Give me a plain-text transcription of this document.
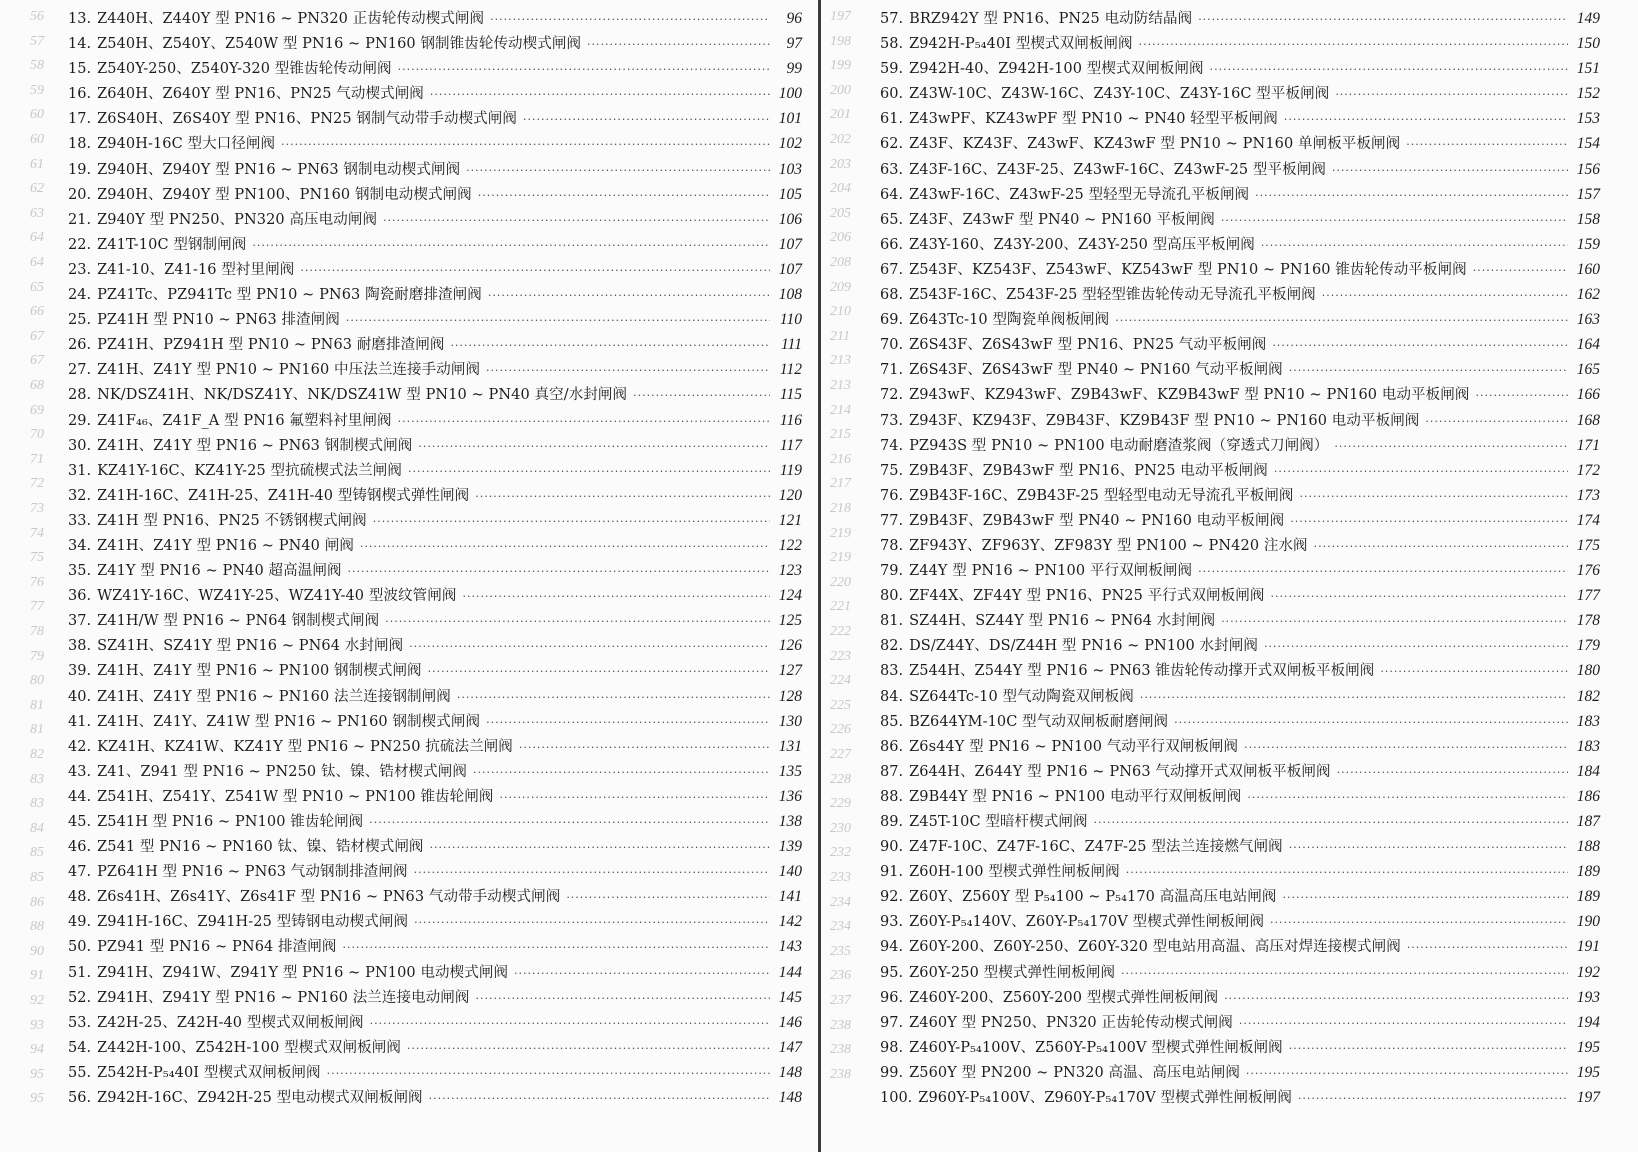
13. Z440H、Z440Y 型 PN16 ~ PN320 正齿轮传动楔式闸阀 ·····	96
14. Z540H、Z540Y、Z540W 型 PN16 ~ PN160 钢制锥齿轮传动楔式闸阀 ·····	97
15. Z540Y-250、Z540Y-320 型锥齿轮传动闸阀 ·····	99
16. Z640H、Z640Y 型 PN16、PN25 气动楔式闸阀 ·····	100
17. Z6S40H、Z6S40Y 型 PN16、PN25 钢制气动带手动楔式闸阀 ·····	101
18. Z940H-16C 型大口径闸阀 ·····	102
19. Z940H、Z940Y 型 PN16 ~ PN63 钢制电动楔式闸阀 ·····	103
20. Z940H、Z940Y 型 PN100、PN160 钢制电动楔式闸阀 ·····	105
21. Z940Y 型 PN250、PN320 高压电动闸阀 ·····	106
22. Z41T-10C 型钢制闸阀 ·····	107
23. Z41-10、Z41-16 型衬里闸阀 ·····	107
24. PZ41Tc、PZ941Tc 型 PN10 ~ PN63 陶瓷耐磨排渣闸阀 ·····	108
25. PZ41H 型 PN10 ~ PN63 排渣闸阀 ·····	110
26. PZ41H、PZ941H 型 PN10 ~ PN63 耐磨排渣闸阀 ·····	111
27. Z41H、Z41Y 型 PN10 ~ PN160 中压法兰连接手动闸阀 ·····	112
28. NK/DSZ41H、NK/DSZ41Y、NK/DSZ41W 型 PN10 ~ PN40 真空/水封闸阀 ·····	115
29. Z41F₄₆、Z41F_A 型 PN16 氟塑料衬里闸阀 ·····	116
30. Z41H、Z41Y 型 PN16 ~ PN63 钢制楔式闸阀 ·····	117
31. KZ41Y-16C、KZ41Y-25 型抗硫楔式法兰闸阀 ·····	119
32. Z41H-16C、Z41H-25、Z41H-40 型铸钢楔式弹性闸阀 ·····	120
33. Z41H 型 PN16、PN25 不锈钢楔式闸阀 ·····	121
34. Z41H、Z41Y 型 PN16 ~ PN40 闸阀 ·····	122
35. Z41Y 型 PN16 ~ PN40 超高温闸阀 ·····	123
36. WZ41Y-16C、WZ41Y-25、WZ41Y-40 型波纹管闸阀 ·····	124
37. Z41H/W 型 PN16 ~ PN64 钢制楔式闸阀 ·····	125
38. SZ41H、SZ41Y 型 PN16 ~ PN64 水封闸阀 ·····	126
39. Z41H、Z41Y 型 PN16 ~ PN100 钢制楔式闸阀 ·····	127
40. Z41H、Z41Y 型 PN16 ~ PN160 法兰连接钢制闸阀 ·····	128
41. Z41H、Z41Y、Z41W 型 PN16 ~ PN160 钢制楔式闸阀 ·····	130
42. KZ41H、KZ41W、KZ41Y 型 PN16 ~ PN250 抗硫法兰闸阀 ·····	131
43. Z41、Z941 型 PN16 ~ PN250 钛、镍、锆材楔式闸阀 ·····	135
44. Z541H、Z541Y、Z541W 型 PN10 ~ PN100 锥齿轮闸阀 ·····	136
45. Z541H 型 PN16 ~ PN100 锥齿轮闸阀 ·····	138
46. Z541 型 PN16 ~ PN160 钛、镍、锆材楔式闸阀 ·····	139
47. PZ641H 型 PN16 ~ PN63 气动钢制排渣闸阀 ·····	140
48. Z6s41H、Z6s41Y、Z6s41F 型 PN16 ~ PN63 气动带手动楔式闸阀 ·····	141
49. Z941H-16C、Z941H-25 型铸钢电动楔式闸阀 ·····	142
50. PZ941 型 PN16 ~ PN64 排渣闸阀 ·····	143
51. Z941H、Z941W、Z941Y 型 PN16 ~ PN100 电动楔式闸阀 ·····	144
52. Z941H、Z941Y 型 PN16 ~ PN160 法兰连接电动闸阀 ·····	145
53. Z42H-25、Z42H-40 型楔式双闸板闸阀 ·····	146
54. Z442H-100、Z542H-100 型楔式双闸板闸阀 ·····	147
55. Z542H-P₅₄40I 型楔式双闸板闸阀 ·····	148
56. Z942H-16C、Z942H-25 型电动楔式双闸板闸阀 ·····	148
57. BRZ942Y 型 PN16、PN25 电动防结晶阀 ·····	149
58. Z942H-P₅₄40I 型楔式双闸板闸阀 ·····	150
59. Z942H-40、Z942H-100 型楔式双闸板闸阀 ·····	151
60. Z43W-10C、Z43W-16C、Z43Y-10C、Z43Y-16C 型平板闸阀 ·····	152
61. Z43wPF、KZ43wPF 型 PN10 ~ PN40 轻型平板闸阀 ·····	153
62. Z43F、KZ43F、Z43wF、KZ43wF 型 PN10 ~ PN160 单闸板平板闸阀 ·····	154
63. Z43F-16C、Z43F-25、Z43wF-16C、Z43wF-25 型平板闸阀 ·····	156
64. Z43wF-16C、Z43wF-25 型轻型无导流孔平板闸阀 ·····	157
65. Z43F、Z43wF 型 PN40 ~ PN160 平板闸阀 ·····	158
66. Z43Y-160、Z43Y-200、Z43Y-250 型高压平板闸阀 ·····	159
67. Z543F、KZ543F、Z543wF、KZ543wF 型 PN10 ~ PN160 锥齿轮传动平板闸阀 ·····	160
68. Z543F-16C、Z543F-25 型轻型锥齿轮传动无导流孔平板闸阀 ·····	162
69. Z643Tc-10 型陶瓷单阀板闸阀 ·····	163
70. Z6S43F、Z6S43wF 型 PN16、PN25 气动平板闸阀 ·····	164
71. Z6S43F、Z6S43wF 型 PN40 ~ PN160 气动平板闸阀 ·····	165
72. Z943wF、KZ943wF、Z9B43wF、KZ9B43wF 型 PN10 ~ PN160 电动平板闸阀 ·····	166
73. Z943F、KZ943F、Z9B43F、KZ9B43F 型 PN10 ~ PN160 电动平板闸阀 ·····	168
74. PZ943S 型 PN10 ~ PN100 电动耐磨渣浆阀（穿透式刀闸阀） ·····	171
75. Z9B43F、Z9B43wF 型 PN16、PN25 电动平板闸阀 ·····	172
76. Z9B43F-16C、Z9B43F-25 型轻型电动无导流孔平板闸阀 ·····	173
77. Z9B43F、Z9B43wF 型 PN40 ~ PN160 电动平板闸阀 ·····	174
78. ZF943Y、ZF963Y、ZF983Y 型 PN100 ~ PN420 注水阀 ·····	175
79. Z44Y 型 PN16 ~ PN100 平行双闸板闸阀 ·····	176
80. ZF44X、ZF44Y 型 PN16、PN25 平行式双闸板闸阀 ·····	177
81. SZ44H、SZ44Y 型 PN16 ~ PN64 水封闸阀 ·····	178
82. DS/Z44Y、DS/Z44H 型 PN16 ~ PN100 水封闸阀 ·····	179
83. Z544H、Z544Y 型 PN16 ~ PN63 锥齿轮传动撑开式双闸板平板闸阀 ·····	180
84. SZ644Tc-10 型气动陶瓷双闸板阀 ·····	182
85. BZ644YM-10C 型气动双闸板耐磨闸阀 ·····	183
86. Z6s44Y 型 PN16 ~ PN100 气动平行双闸板闸阀 ·····	183
87. Z644H、Z644Y 型 PN16 ~ PN63 气动撑开式双闸板平板闸阀 ·····	184
88. Z9B44Y 型 PN16 ~ PN100 电动平行双闸板闸阀 ·····	186
89. Z45T-10C 型暗杆楔式闸阀 ·····	187
90. Z47F-10C、Z47F-16C、Z47F-25 型法兰连接燃气闸阀 ·····	188
91. Z60H-100 型楔式弹性闸板闸阀 ·····	189
92. Z60Y、Z560Y 型 P₅₄100 ~ P₅₄170 高温高压电站闸阀 ·····	189
93. Z60Y-P₅₄140V、Z60Y-P₅₄170V 型楔式弹性闸板闸阀 ·····	190
94. Z60Y-200、Z60Y-250、Z60Y-320 型电站用高温、高压对焊连接楔式闸阀 ·····	191
95. Z60Y-250 型楔式弹性闸板闸阀 ·····	192
96. Z460Y-200、Z560Y-200 型楔式弹性闸板闸阀 ·····	193
97. Z460Y 型 PN250、PN320 正齿轮传动楔式闸阀 ·····	194
98. Z460Y-P₅₄100V、Z560Y-P₅₄100V 型楔式弹性闸板闸阀 ·····	195
99. Z560Y 型 PN200 ~ PN320 高温、高压电站闸阀 ·····	195
100. Z960Y-P₅₄100V、Z960Y-P₅₄170V 型楔式弹性闸板闸阀 ·····	197
56
57
58
59
60
60
61
62
63
64
64
65
66
67
67
68
69
70
71
72
73
74
75
76
77
78
79
80
81
81
82
83
83
84
85
85
86
88
90
91
92
93
94
95
95
197
198
199
200
201
202
203
204
205
206
208
209
210
211
213
213
214
215
216
217
218
219
219
220
221
222
223
224
225
226
227
228
229
230
232
233
234
234
235
236
237
238
238
238
